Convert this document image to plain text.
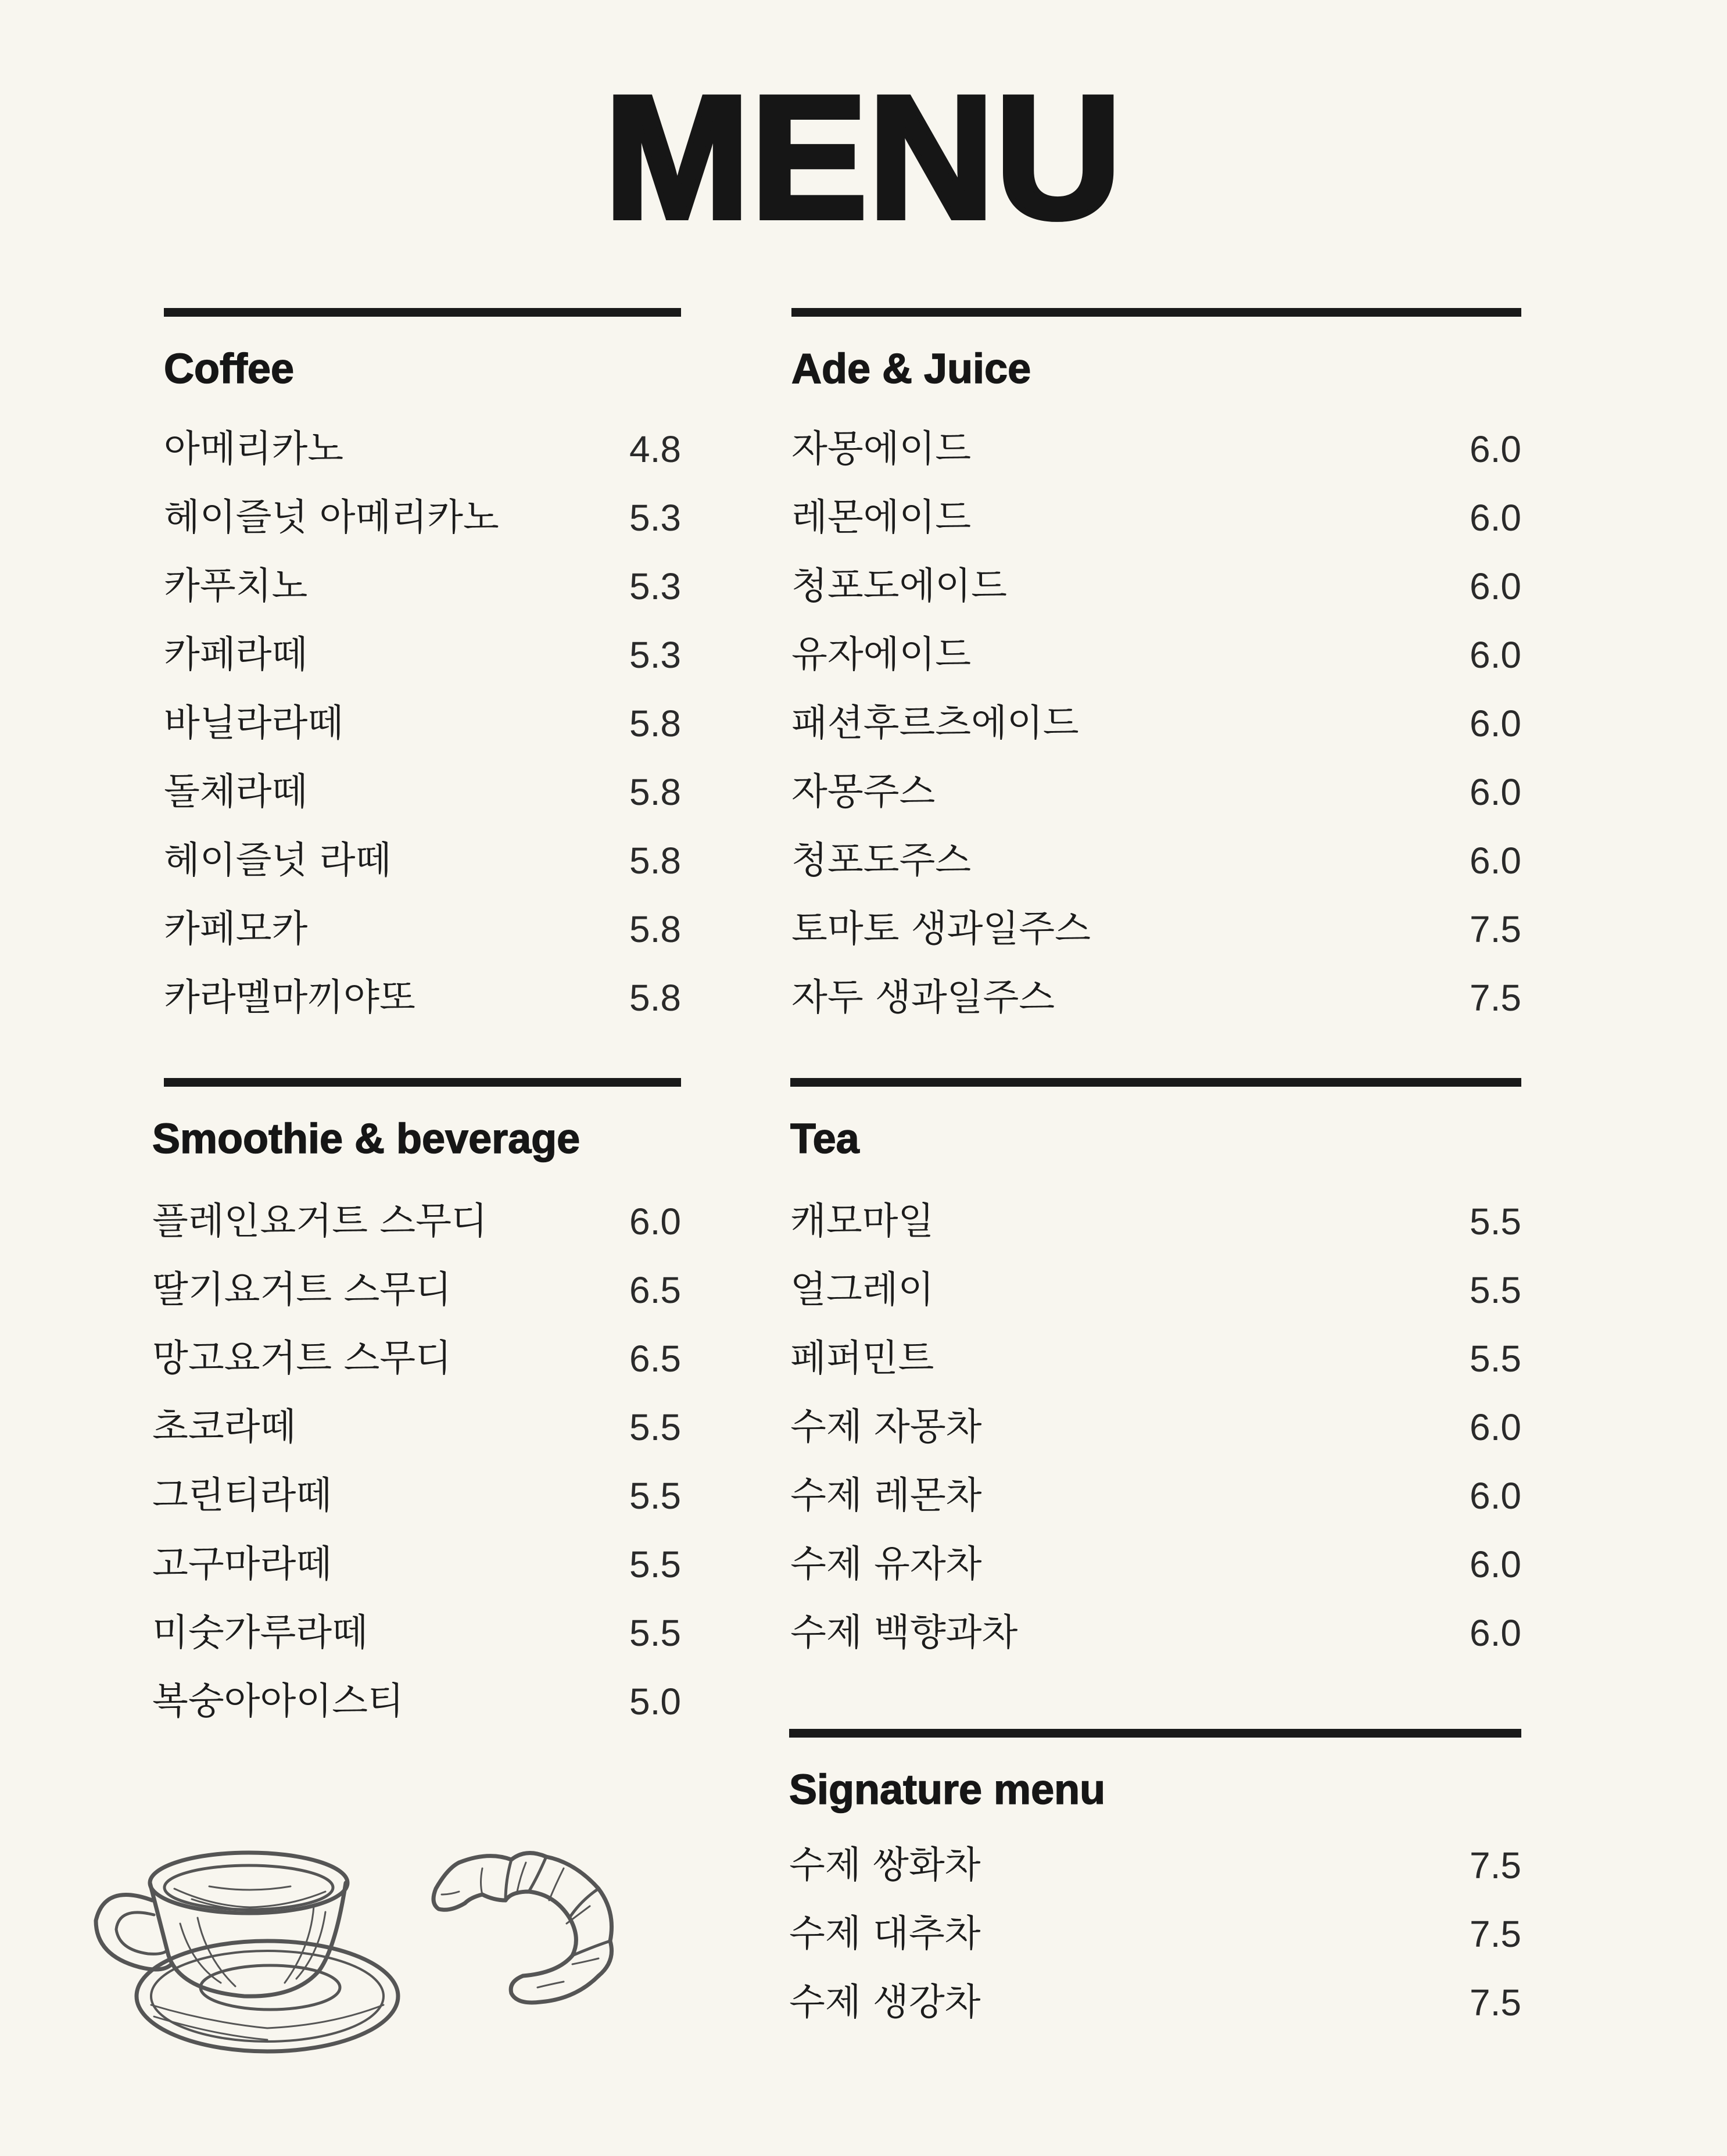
MENU
Coffee
아메리카노	4.8
헤이즐넛 아메리카노	5.3
카푸치노	5.3
카페라떼	5.3
바닐라라떼	5.8
돌체라떼	5.8
헤이즐넛 라떼	5.8
카페모카	5.8
카라멜마끼야또	5.8
Ade & Juice
자몽에이드	6.0
레몬에이드	6.0
청포도에이드	6.0
유자에이드	6.0
패션후르츠에이드	6.0
자몽주스	6.0
청포도주스	6.0
토마토 생과일주스	7.5
자두 생과일주스	7.5
Smoothie & beverage
플레인요거트 스무디	6.0
딸기요거트 스무디	6.5
망고요거트 스무디	6.5
초코라떼	5.5
그린티라떼	5.5
고구마라떼	5.5
미숫가루라떼	5.5
복숭아아이스티	5.0
Tea
캐모마일	5.5
얼그레이	5.5
페퍼민트	5.5
수제 자몽차	6.0
수제 레몬차	6.0
수제 유자차	6.0
수제 백향과차	6.0
Signature menu
수제 쌍화차	7.5
수제 대추차	7.5
수제 생강차	7.5
